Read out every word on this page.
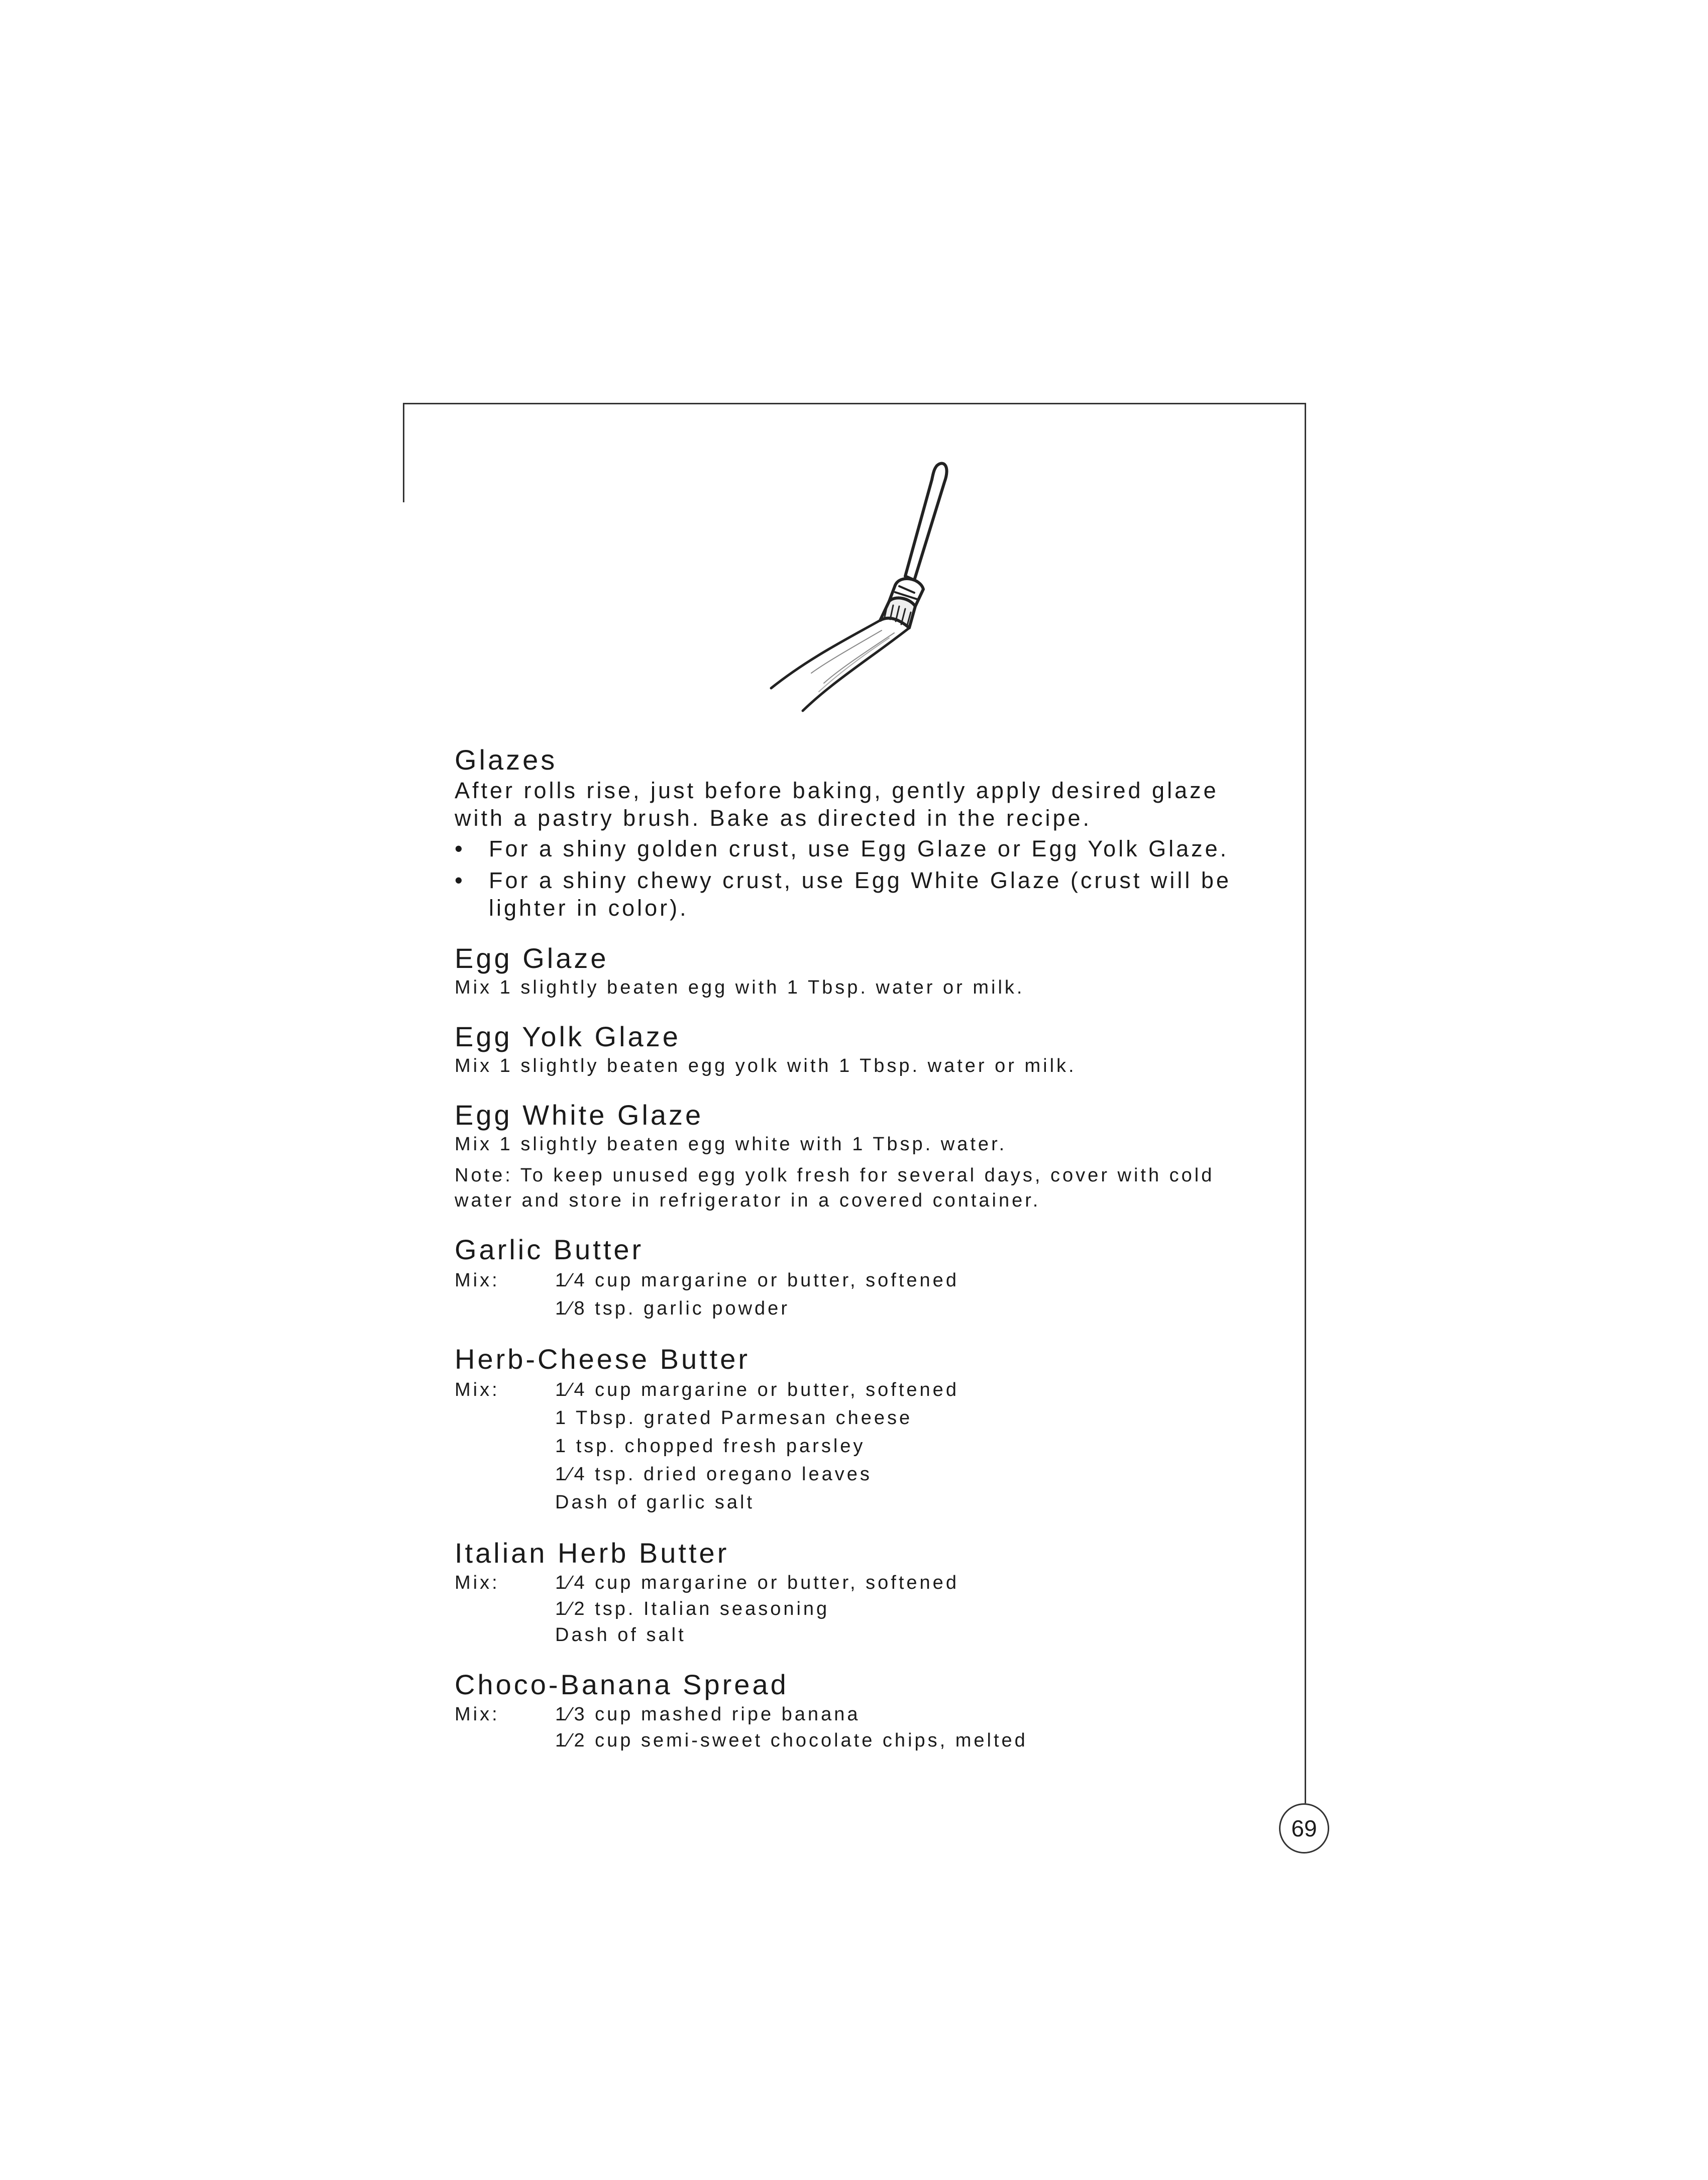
Glazes

After rolls rise, just before baking, gently apply desired glaze with a pastry brush. Bake as directed in the recipe.

• For a shiny golden crust, use Egg Glaze or Egg Yolk Glaze.
• For a shiny chewy crust, use Egg White Glaze (crust will be lighter in color).
Egg Glaze

Mix 1 slightly beaten egg with 1 Tbsp. water or milk.

Egg Yolk Glaze

Mix 1 slightly beaten egg yolk with 1 Tbsp. water or milk.

Egg White Glaze

Mix 1 slightly beaten egg white with 1 Tbsp. water.

Note: To keep unused egg yolk fresh for several days, cover with cold water and store in refrigerator in a covered container.

Garlic Butter
Mix:	1⁄4 cup margarine or butter, softened
1⁄8 tsp. garlic powder
Herb-Cheese Butter
Mix:	1⁄4 cup margarine or butter, softened
1 Tbsp. grated Parmesan cheese
1 tsp. chopped fresh parsley
1⁄4 tsp. dried oregano leaves
Dash of garlic salt
Italian Herb Butter
Mix:	1⁄4 cup margarine or butter, softened
1⁄2 tsp. Italian seasoning
Dash of salt
Choco-Banana Spread
Mix:	1⁄3 cup mashed ripe banana
1⁄2 cup semi-sweet chocolate chips, melted
69
